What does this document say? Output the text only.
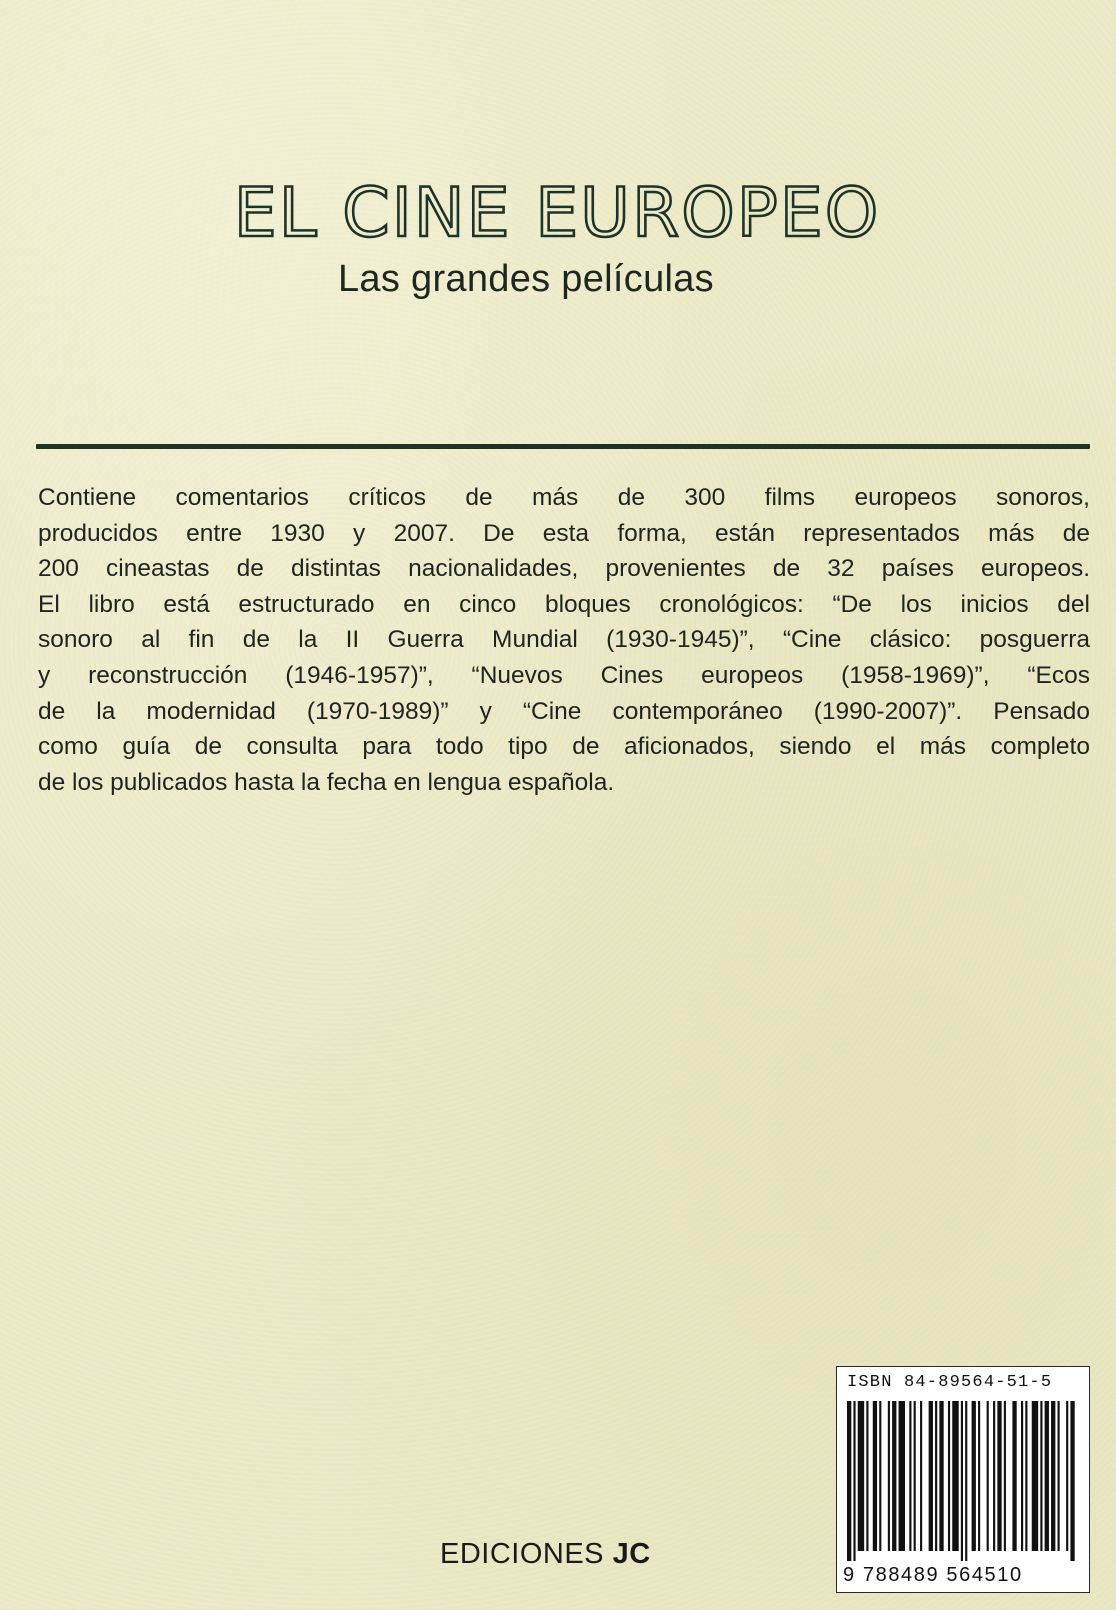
EL CINE EUROPEO
Las grandes películas
Contiene comentarios críticos de más de 300 films europeos sonoros,
producidos entre 1930 y 2007. De esta forma, están representados más de
200 cineastas de distintas nacionalidades, provenientes de 32 países europeos.
El libro está estructurado en cinco bloques cronológicos: “De los inicios del
sonoro al fin de la II Guerra Mundial (1930-1945)”, “Cine clásico: posguerra
y reconstrucción (1946-1957)”, “Nuevos Cines europeos (1958-1969)”, “Ecos
de la modernidad (1970-1989)” y “Cine contemporáneo (1990-2007)”. Pensado
como guía de consulta para todo tipo de aficionados, siendo el más completo
de los publicados hasta la fecha en lengua española.
EDICIONES JC
ISBN 84-89564-51-5
9 788489 564510
